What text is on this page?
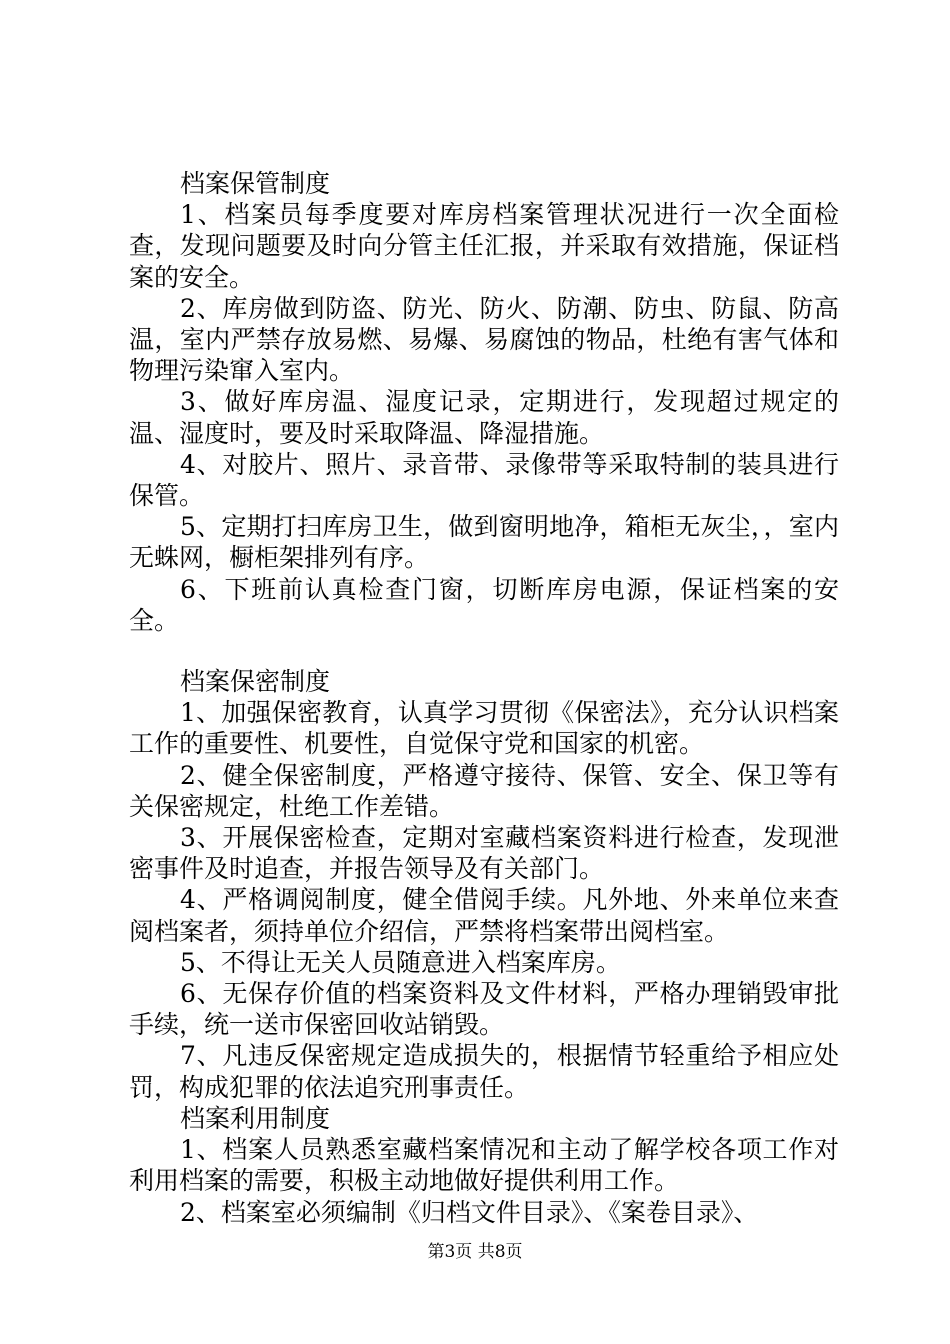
档案保管制度

1、档案员每季度要对库房档案管理状况进行一次全面检查，发现问题要及时向分管主任汇报，并采取有效措施，保证档案的安全。

2、库房做到防盗、防光、防火、防潮、防虫、防鼠、防高温，室内严禁存放易燃、易爆、易腐蚀的物品，杜绝有害气体和物理污染窜入室内。

3、做好库房温、湿度记录，定期进行，发现超过规定的温、湿度时，要及时采取降温、降湿措施。

4、对胶片、照片、录音带、录像带等采取特制的装具进行保管。

5、定期打扫库房卫生，做到窗明地净，箱柜无灰尘，，室内无蛛网，橱柜架排列有序。

6、下班前认真检查门窗，切断库房电源，保证档案的安全。

档案保密制度

1、加强保密教育，认真学习贯彻《保密法》，充分认识档案工作的重要性、机要性，自觉保守党和国家的机密。

2、健全保密制度，严格遵守接待、保管、安全、保卫等有关保密规定，杜绝工作差错。

3、开展保密检查，定期对室藏档案资料进行检查，发现泄密事件及时追查，并报告领导及有关部门。

4、严格调阅制度，健全借阅手续。凡外地、外来单位来查阅档案者，须持单位介绍信，严禁将档案带出阅档室。

5、不得让无关人员随意进入档案库房。

6、无保存价值的档案资料及文件材料，严格办理销毁审批手续，统一送市保密回收站销毁。

7、凡违反保密规定造成损失的，根据情节轻重给予相应处罚，构成犯罪的依法追究刑事责任。

档案利用制度

1、档案人员熟悉室藏档案情况和主动了解学校各项工作对利用档案的需要，积极主动地做好提供利用工作。

2、档案室必须编制《归档文件目录》、《案卷目录》、

第3页 共8页
